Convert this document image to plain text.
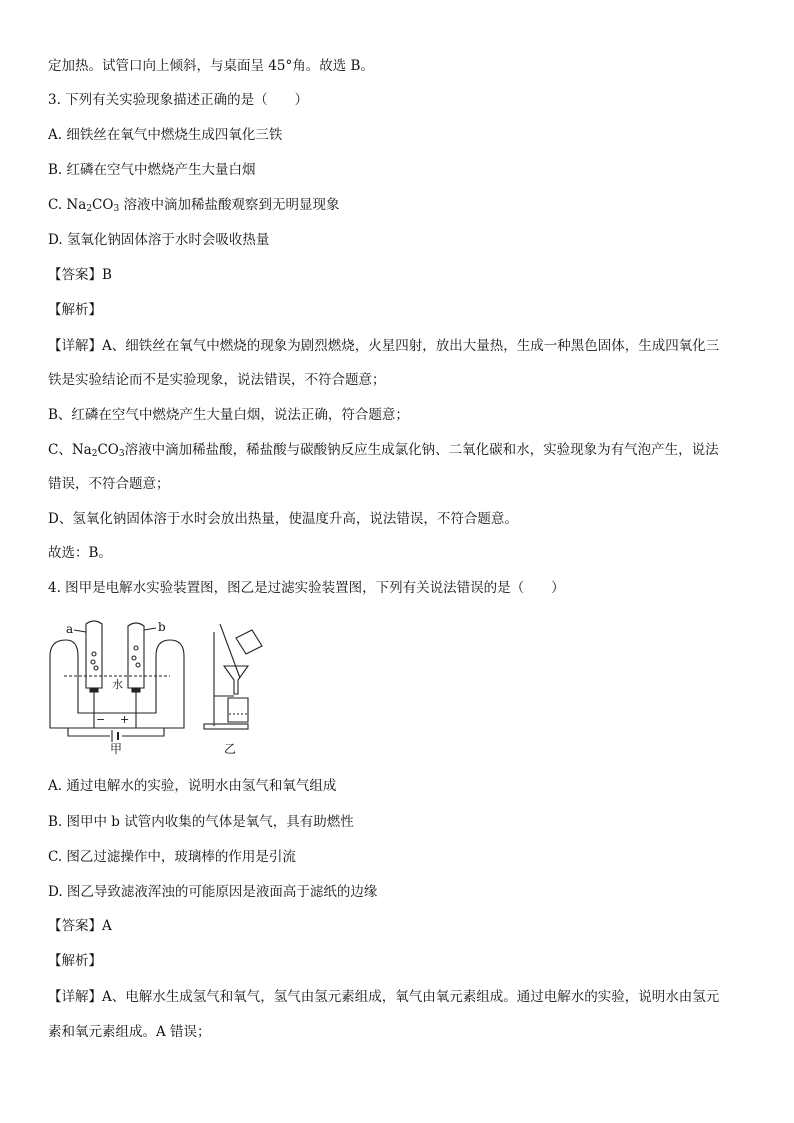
定加热。试管口向上倾斜，与桌面呈 45°角。故选 B。
3. 下列有关实验现象描述正确的是（　　）
A. 细铁丝在氧气中燃烧生成四氧化三铁
B. 红磷在空气中燃烧产生大量白烟
C. $Na_2CO_3$ 溶液中滴加稀盐酸观察到无明显现象
D. 氢氧化钠固体溶于水时会吸收热量
【答案】B
【解析】
【详解】A、细铁丝在氧气中燃烧的现象为剧烈燃烧，火星四射，放出大量热，生成一种黑色固体，生成四氧化三
铁是实验结论而不是实验现象，说法错误，不符合题意；
B、红磷在空气中燃烧产生大量白烟，说法正确，符合题意；
C、$Na_2CO_3$溶液中滴加稀盐酸，稀盐酸与碳酸钠反应生成氯化钠、二氧化碳和水，实验现象为有气泡产生，说法
错误，不符合题意；
D、氢氧化钠固体溶于水时会放出热量，使温度升高，说法错误，不符合题意。
故选：B。
4. 图甲是电解水实验装置图，图乙是过滤实验装置图，下列有关说法错误的是（　　）
a	b
水
− +
甲	乙
A. 通过电解水的实验，说明水由氢气和氧气组成
B. 图甲中 b 试管内收集的气体是氧气，具有助燃性
C. 图乙过滤操作中，玻璃棒的作用是引流
D. 图乙导致滤液浑浊的可能原因是液面高于滤纸的边缘
【答案】A
【解析】
【详解】A、电解水生成氢气和氧气，氢气由氢元素组成，氧气由氧元素组成。通过电解水的实验，说明水由氢元
素和氧元素组成。A 错误；
